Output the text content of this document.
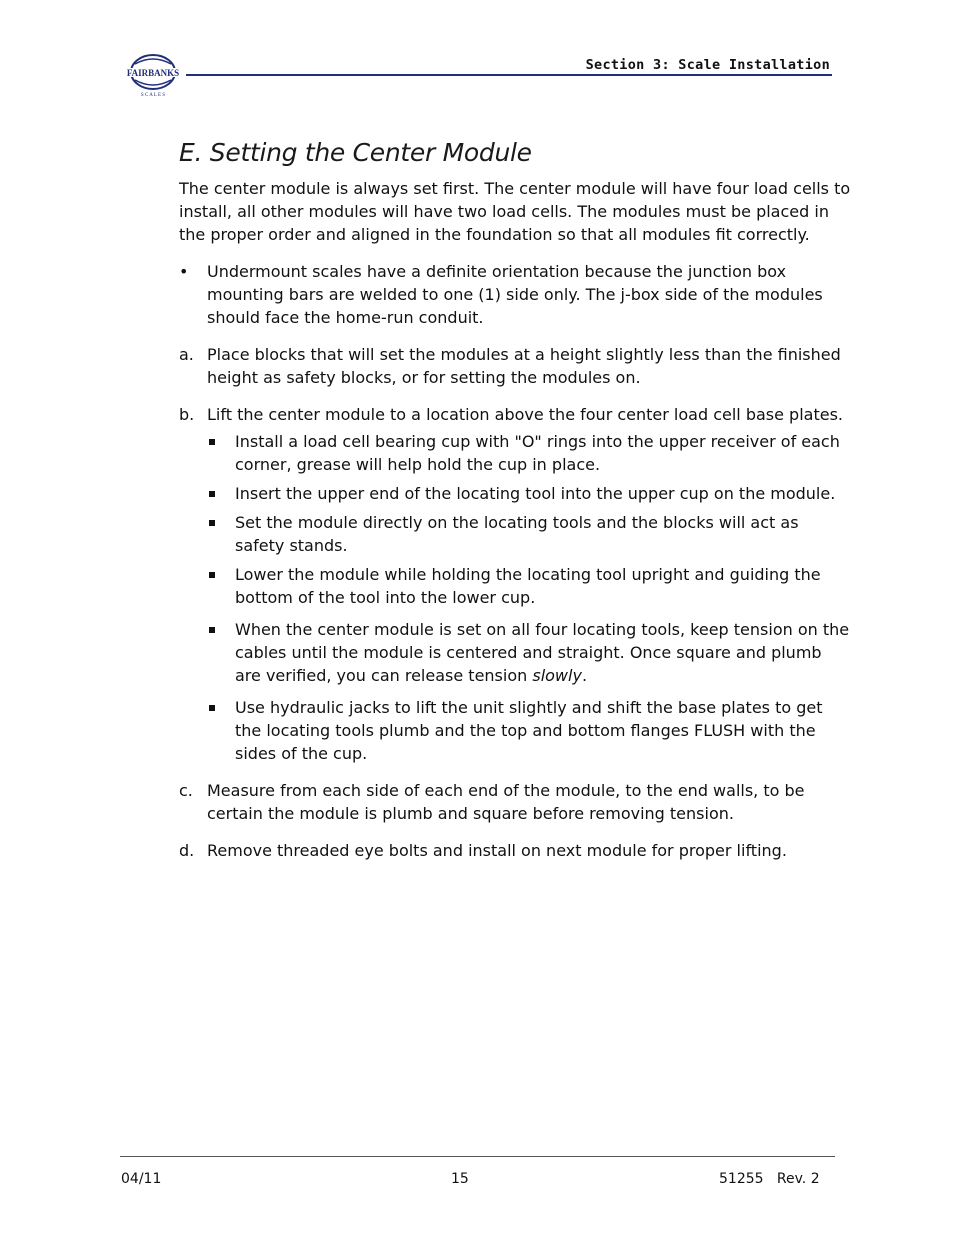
FAIRBANKS
S C A L E S
Section 3: Scale Installation
E. Setting the Center Module

The center module is always set first. The center module will have four load cells to install, all other modules will have two load cells. The modules must be placed in the proper order and aligned in the foundation so that all modules fit correctly.

• Undermount scales have a definite orientation because the junction box mounting bars are welded to one (1) side only. The j-box side of the modules should face the home-run conduit.
a. Place blocks that will set the modules at a height slightly less than the finished height as safety blocks, or for setting the modules on.
b. Lift the center module to a location above the four center load cell base plates.
Install a load cell bearing cup with "O" rings into the upper receiver of each corner, grease will help hold the cup in place.
Insert the upper end of the locating tool into the upper cup on the module.
Set the module directly on the locating tools and the blocks will act as safety stands.
Lower the module while holding the locating tool upright and guiding the bottom of the tool into the lower cup.
When the center module is set on all four locating tools, keep tension on the cables until the module is centered and straight. Once square and plumb are verified, you can release tension slowly.
Use hydraulic jacks to lift the unit slightly and shift the base plates to get the locating tools plumb and the top and bottom flanges FLUSH with the sides of the cup.
c. Measure from each side of each end of the module, to the end walls, to be certain the module is plumb and square before removing tension.
d. Remove threaded eye bolts and install on next module for proper lifting.
04/11	15	51255   Rev. 2
